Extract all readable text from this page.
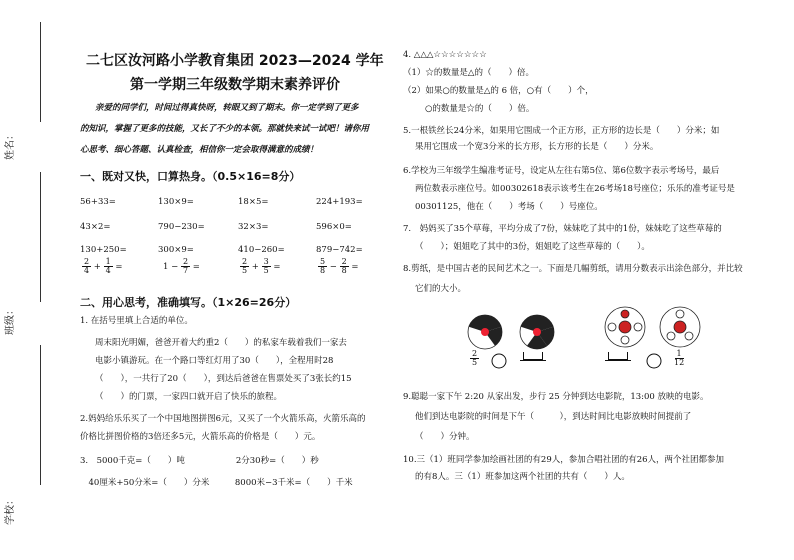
姓名：
班级：
学校：
二七区汝河路小学教育集团 2023—2024 学年
第一学期三年级数学期末素养评价
亲爱的同学们，时间过得真快呀，转眼又到了期末。你一定学到了更多
的知识，掌握了更多的技能，又长了不少的本领。那就快来试一试吧！请你用
心思考、细心答题、认真检查，相信你一定会取得满意的成绩！
一、既对又快，口算热身。（0.5×16=8分）
56+33=	130×9=	18×5=	224+193=
43×2=	790−230=	32×3=	596×0=
130+250=	300×9=	410−260=	879−742=
$\frac{2}{4} + \frac{1}{4}$ =	$1 - \frac{2}{7}$ =	$\frac{2}{5} + \frac{3}{5}$ =	$\frac{5}{8} - \frac{2}{8}$ =
二、用心思考，准确填写。（1×26=26分）
1. 在括号里填上合适的单位。
周末阳光明媚，爸爸开着大约重2（　　）的私家车载着我们一家去
电影小镇游玩。在一个路口等红灯用了30（　　），全程用时28
（　　），一共行了20（　　），到达后爸爸在售票处买了3张长约15
（　　）的门票，一家四口就开启了快乐的旅程。
2.妈妈给乐乐买了一个中国地图拼图6元，又买了一个火箭乐高，火箭乐高的
价格比拼图价格的3倍还多5元，火箭乐高的价格是（　　）元。
3.　5000千克=（　　）吨　　　　　　2分30秒=（　　）秒
　40厘米+50分米=（　　）分米　　　8000米−3千米=（　　）千米
4. △△△☆☆☆☆☆☆☆
（1）☆的数量是△的（　　）倍。
（2）如果○的数量是△的 6 倍，○有（　　）个，
○的数量是☆的（　　）倍。
5.一根铁丝长24分米，如果用它围成一个正方形，正方形的边长是（　　）分米；如
果用它围成一个宽3分米的长方形，长方形的长是（　　）分米。
6.学校为三年级学生编准考证号，设定从左往右第5位、第6位数字表示考场号，最后
两位数表示座位号。如00302618表示该考生在26考场18号座位；乐乐的准考证号是
00301125，他在（　　）考场（　　）号座位。
7.　妈妈买了35个草莓，平均分成了7份，妹妹吃了其中的1份，妹妹吃了这些草莓的
（　　）；姐姐吃了其中的3份，姐姐吃了这些草莓的（　　）。
8.剪纸，是中国古老的民间艺术之一。下面是几幅剪纸，请用分数表示出涂色部分，并比较
它们的大小。
$\frac{2}{5}$	$\frac{1}{12}$
9.聪聪一家下午 2:20 从家出发，步行 25 分钟到达电影院，13:00 放映的电影。
他们到达电影院的时间是下午（　　　），到达时间比电影放映时间提前了
（　　）分钟。
10.三（1）班同学参加绘画社团的有29人，参加合唱社团的有26人，两个社团都参加
的有8人。三（1）班参加这两个社团的共有（　　）人。
